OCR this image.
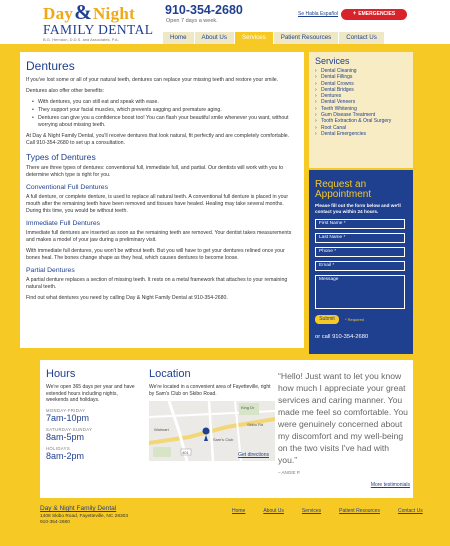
Day&Night
FAMILY DENTAL
B.G. Herndon, D.D.S. and Associates, P.A.
910-354-2680
Open 7 days a week.
Se Habla Español	+ EMERGENCIES
Home	About Us	Services	Patient Resources	Contact Us
Dentures

If you've lost some or all of your natural teeth, dentures can replace your missing teeth and restore your smile.

Dentures also offer other benefits:

• With dentures, you can still eat and speak with ease.
• They support your facial muscles, which prevents sagging and premature aging.
• Dentures can give you a confidence boost too! You can flash your beautiful smile whenever you want, without worrying about missing teeth.

At Day & Night Family Dental, you'll receive dentures that look natural, fit perfectly and are completely comfortable. Call 910-354-2680 to set up a consultation.

Types of Dentures

There are three types of dentures: conventional full, immediate full, and partial. Our dentists will work with you to determine which type is right for you.

Conventional Full Dentures

A full denture, or complete denture, is used to replace all natural teeth. A conventional full denture is placed in your mouth after the remaining teeth have been removed and tissues have healed. Healing may take several months. During this time, you would be without teeth.

Immediate Full Dentures

Immediate full dentures are inserted as soon as the remaining teeth are removed. Your dentist takes measurements and makes a model of your jaw during a preliminary visit.

With immediate full dentures, you won't be without teeth. But you will have to get your dentures relined once your bones heal. The bones change shape as they heal, which causes dentures to become loose.

Partial Dentures

A partial denture replaces a section of missing teeth. It rests on a metal framework that attaches to your remaining natural teeth.

Find out what dentures you need by calling Day & Night Family Dental at 910-354-2680.

Services
› Dental Cleaning
› Dental Fillings
› Dental Crowns
› Dental Bridges
› Dentures
› Dental Veneers
› Teeth Whitening
› Gum Disease Treatment
› Tooth Extraction & Oral Surgery
› Root Canal
› Dental Emergencies
Request an Appointment
Please fill out the form below and we'll contact you within 24 hours.
First Name *
Last Name *
Phone *
Email *
Message
Submit	* Required
or call 910-354-2680
Hours

We're open 365 days per year and have extended hours including nights, weekends and holidays.

MONDAY-FRIDAY
7am-10pm
SATURDAY-SUNDAY
8am-5pm
HOLIDAYS
8am-2pm
Location

We're located in a convenient area of Fayetteville, right by Sam's Club on Skibo Road.

King Dr
Skibo Rd
Walmart
Sam's Club
401	Get directions
“Hello! Just want to let you know how much I appreciate your great services and caring manner. You made me feel so comfortable. You were genuinely concerned about my discomfort and my well-being on the two visits I've had with you.”
– ANGIE P.
More testimonials
Day & Night Family Dental
1408 Skibo Road, Fayetteville, NC 28303
910-354-2680
Home	About Us	Services	Patient Resources	Contact Us
